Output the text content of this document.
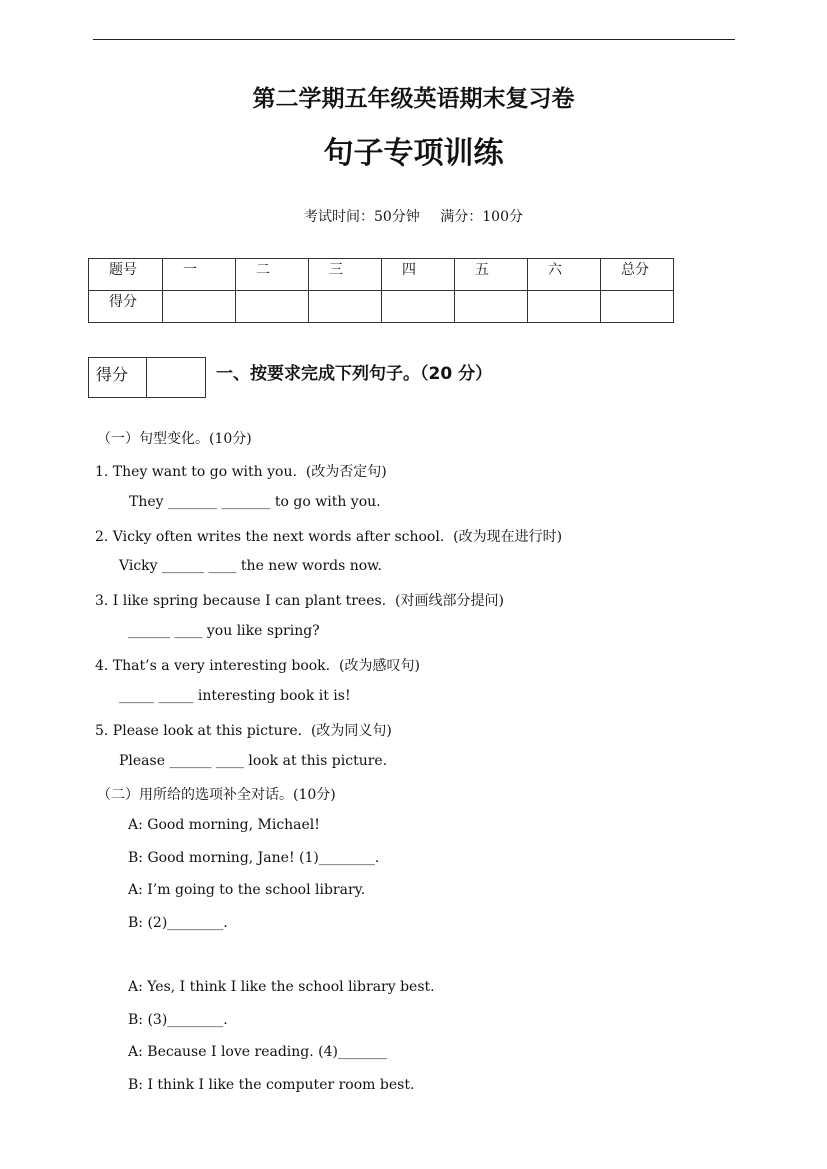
第二学期五年级英语期末复习卷
句子专项训练
考试时间：50分钟 满分：100分
题号	一	二	三	四	五	六	总分
得分							
得分	一、按要求完成下列句子。（20 分）
（一）句型变化。(10分)
1. They want to go with you.  (改为否定句)
They _______ _______ to go with you.
2. Vicky often writes the next words after school.  (改为现在进行时)
Vicky ______ ____ the new words now.
3. I like spring because I can plant trees.  (对画线部分提问)
______ ____ you like spring?
4. That’s a very interesting book.  (改为感叹句)
_____ _____ interesting book it is!
5. Please look at this picture.  (改为同义句)
Please ______ ____ look at this picture.
（二）用所给的选项补全对话。(10分)
A: Good morning, Michael!
B: Good morning, Jane! (1)________.
A: I’m going to the school library.
B: (2)________.
A: Yes, I think I like the school library best.
B: (3)________.
A: Because I love reading. (4)_______
B: I think I like the computer room best.
